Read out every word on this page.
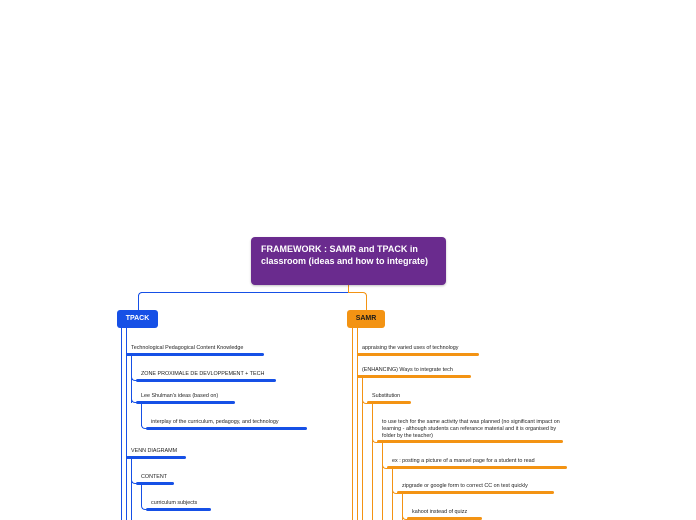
FRAMEWORK : SAMR and TPACK in classroom (ideas and how to integrate)
TPACK
Technological Pedagogical Content Knowledge
ZONE PROXIMALE DE DEVLOPPEMENT + TECH
Lee Shulman's ideas (based on)
interplay of the curriculum, pedagogy, and technology
VENN DIAGRAMM
CONTENT
curriculum subjects
SAMR
appraising the varied uses of technology
(ENHANCING) Ways to integrate tech
Substitution
to use tech for the same activity that was planned (no significant impact on learning - although students can referance material and it is organised by folder by the teacher)
ex : posting a picture of a manuel page for a student to read
zipgrade or google form to correct CC on test quickly
kahoot instead of quizz
